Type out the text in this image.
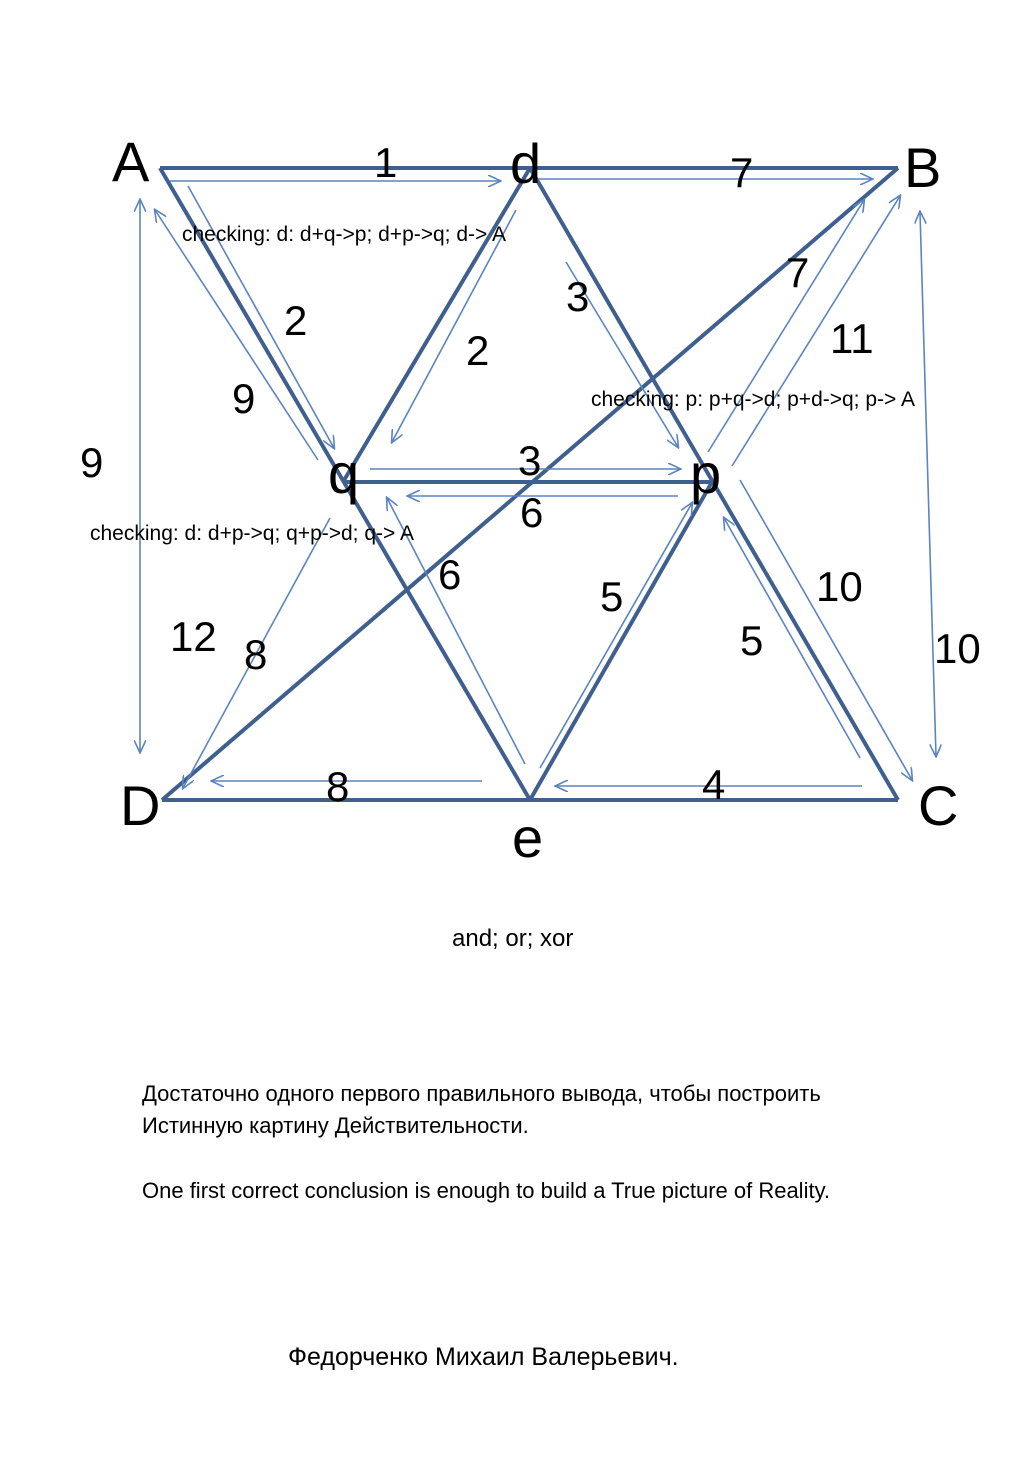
A	d	B
q	p
D
e
C
1	7
7
11
2
9
2
3
9	3
6
6	5
5
10
10
12 8
8	4
checking: d: d+q->p; d+p->q; d-> A
checking: p: p+q->d; p+d->q; p-> A
checking: d: d+p->q; q+p->d; q-> A
and; or; xor
Достаточно одного первого правильного вывода, чтобы построить
Истинную картину Действительности.
One first correct conclusion is enough to build a True picture of Reality.
Федорченко Михаил Валерьевич.
